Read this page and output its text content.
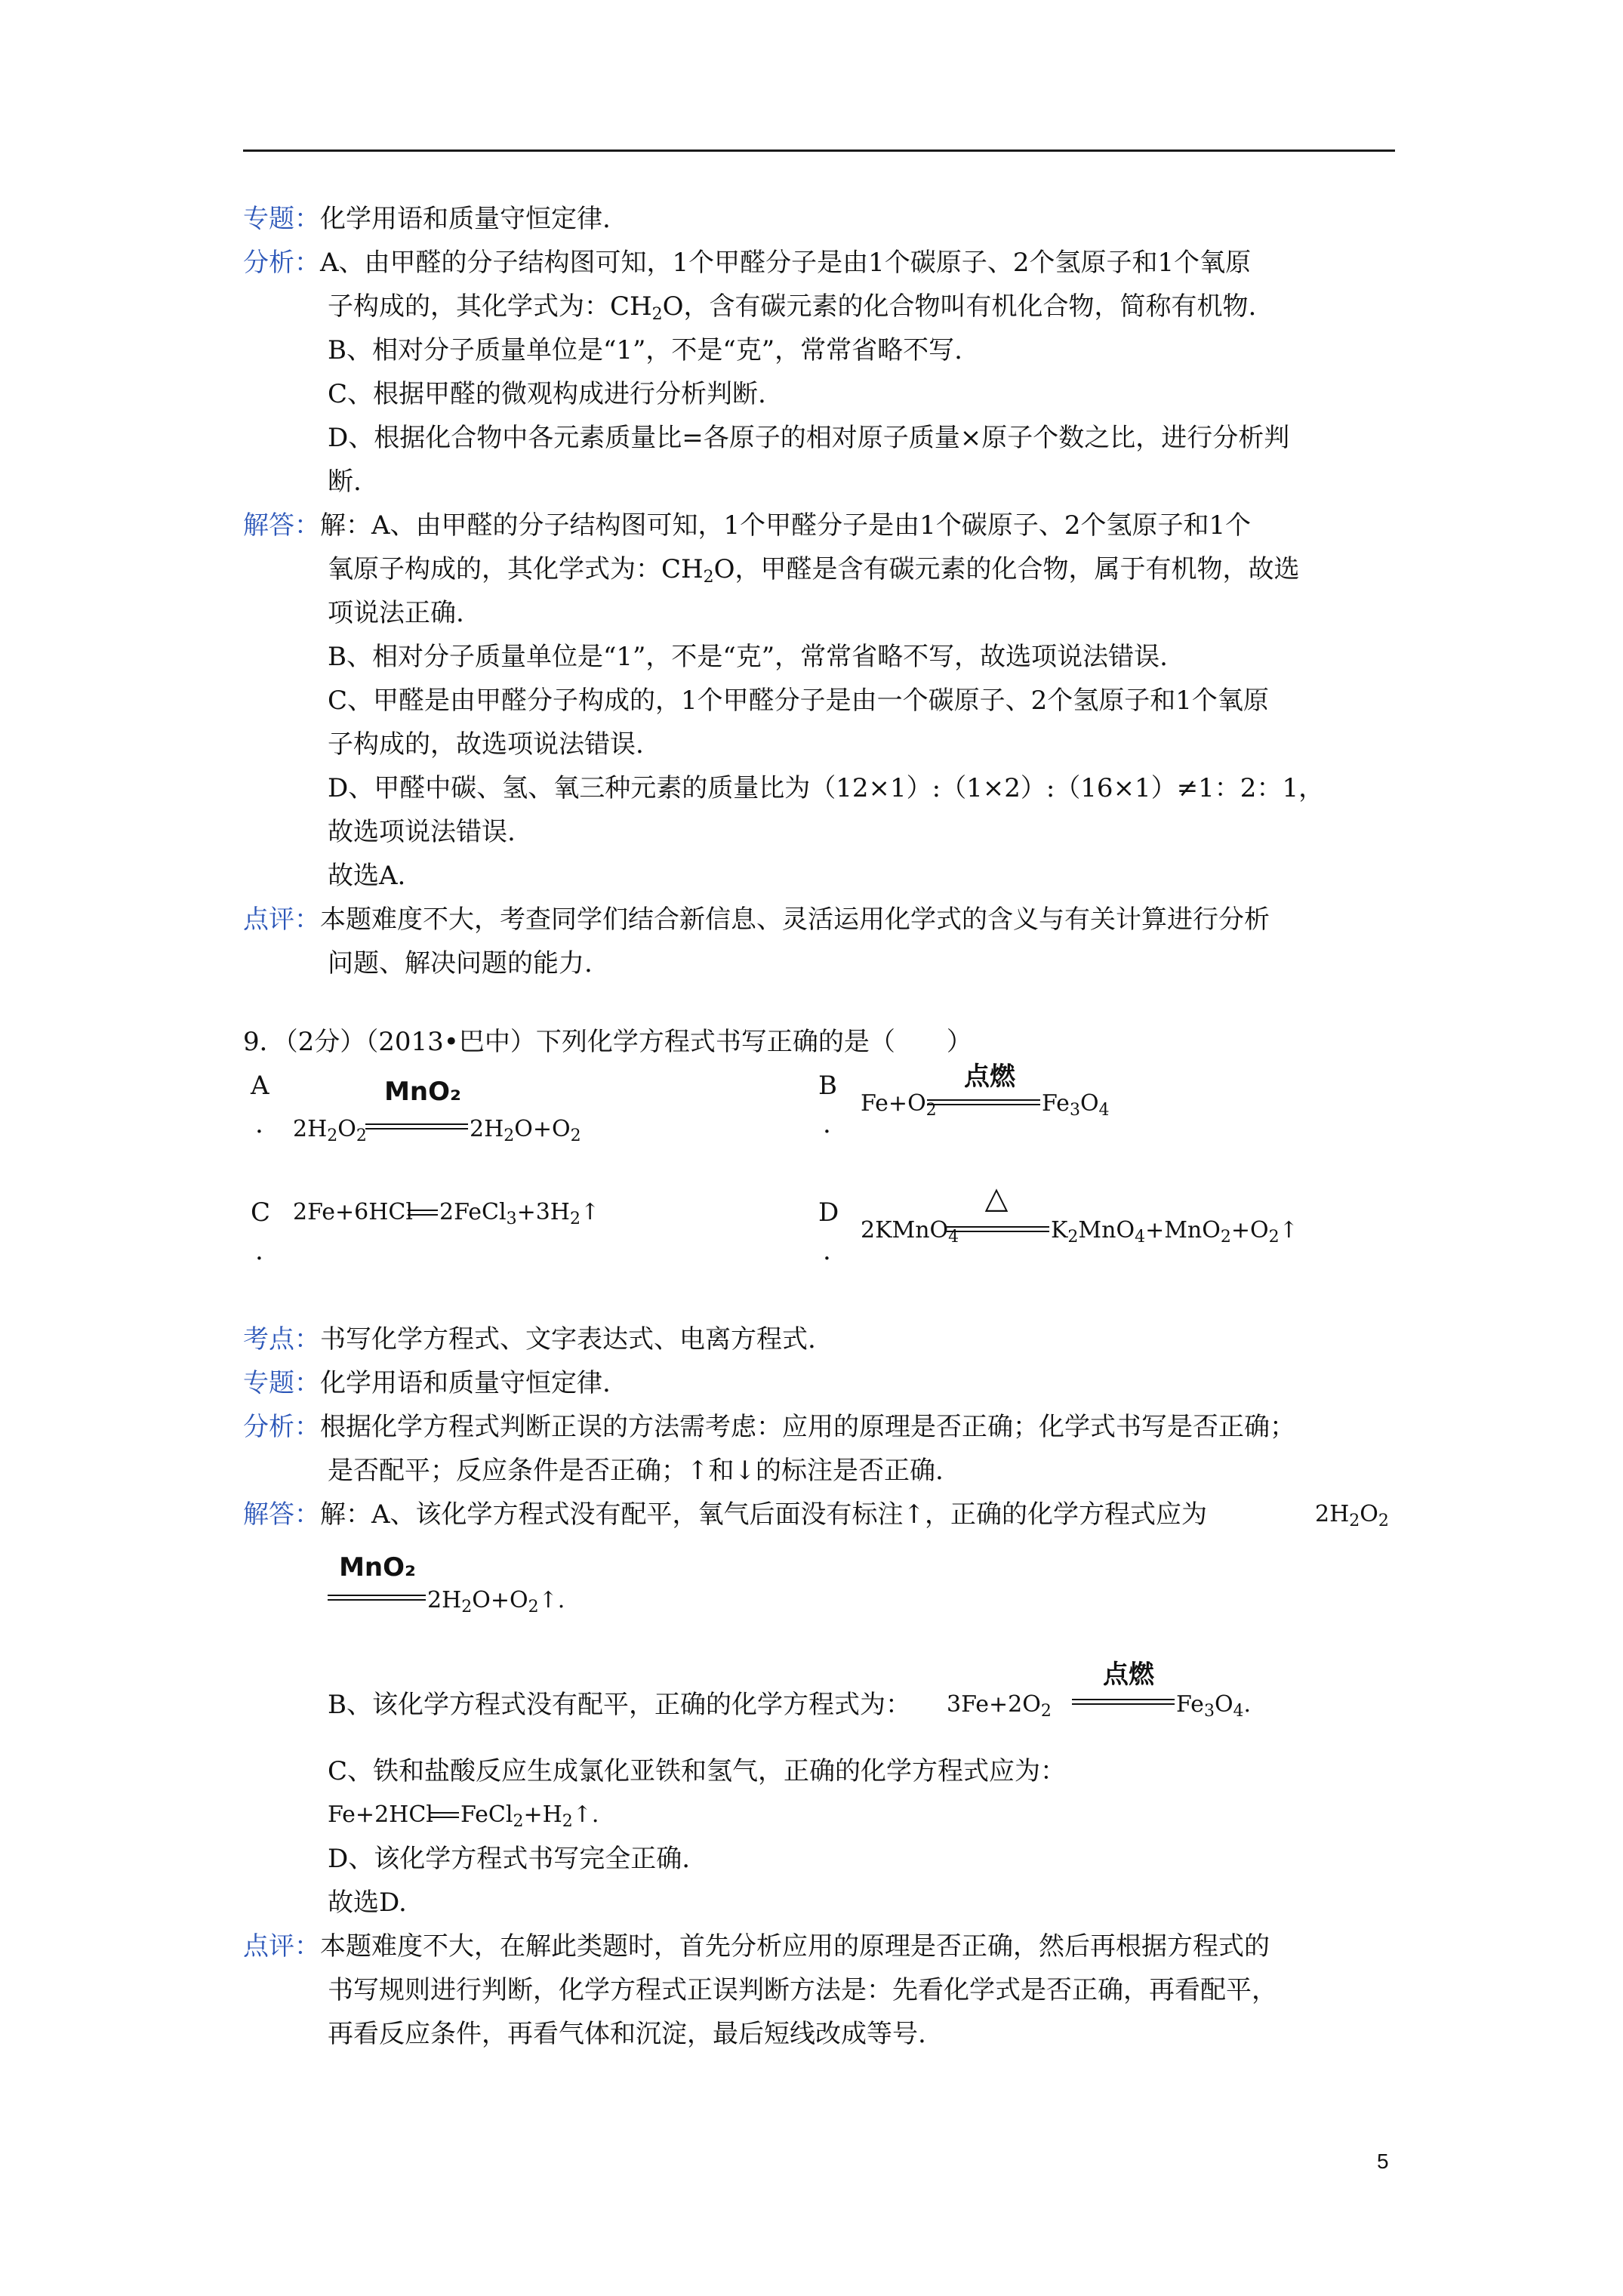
专题：化学用语和质量守恒定律.
分析：A、由甲醛的分子结构图可知，1个甲醛分子是由1个碳原子、2个氢原子和1个氧原
子构成的，其化学式为：$CH_2O$，含有碳元素的化合物叫有机化合物，简称有机物.
B、相对分子质量单位是“1”，不是“克”，常常省略不写.
C、根据甲醛的微观构成进行分析判断.
D、根据化合物中各元素质量比=各原子的相对原子质量×原子个数之比，进行分析判
断.
解答：解：A、由甲醛的分子结构图可知，1个甲醛分子是由1个碳原子、2个氢原子和1个
氧原子构成的，其化学式为：$CH_2O$，甲醛是含有碳元素的化合物，属于有机物，故选
项说法正确.
B、相对分子质量单位是“1”，不是“克”，常常省略不写，故选项说法错误.
C、甲醛是由甲醛分子构成的，1个甲醛分子是由一个碳原子、2个氢原子和1个氧原
子构成的，故选项说法错误.
D、甲醛中碳、氢、氧三种元素的质量比为（12×1）:（1×2）:（16×1）≠1：2：1，
故选项说法错误.
故选A.
点评：本题难度不大，考查同学们结合新信息、灵活运用化学式的含义与有关计算进行分析
问题、解决问题的能力.
9．（2分）（2013•巴中）下列化学方程式书写正确的是（　　）
A
. $2H_2O_2$
MnO₂
$2H_2O+O_2$
B
.
$Fe+O_2$
点燃
$Fe_3O_4$
C
.
2Fe+6HCl $2FeCl_3+3H_2↑$	D
.
2KMnO$_4$
△
$K_2MnO_4+MnO_2+O_2↑$
考点：书写化学方程式、文字表达式、电离方程式.
专题：化学用语和质量守恒定律.
分析：根据化学方程式判断正误的方法需考虑：应用的原理是否正确；化学式书写是否正确；
是否配平；反应条件是否正确；↑和↓的标注是否正确.
解答：解：A、该化学方程式没有配平，氧气后面没有标注↑，正确的化学方程式应为	$2H_2O_2$
MnO₂
$2H_2O+O_2↑$.
B、该化学方程式没有配平，正确的化学方程式为： $3Fe+2O_2$
点燃
$Fe_3O_4$.
C、铁和盐酸反应生成氯化亚铁和氢气，正确的化学方程式应为：
Fe+2HCl $FeCl_2+H_2↑$.
D、该化学方程式书写完全正确.
故选D.
点评：本题难度不大，在解此类题时，首先分析应用的原理是否正确，然后再根据方程式的
书写规则进行判断，化学方程式正误判断方法是：先看化学式是否正确，再看配平，
再看反应条件，再看气体和沉淀，最后短线改成等号.
5
